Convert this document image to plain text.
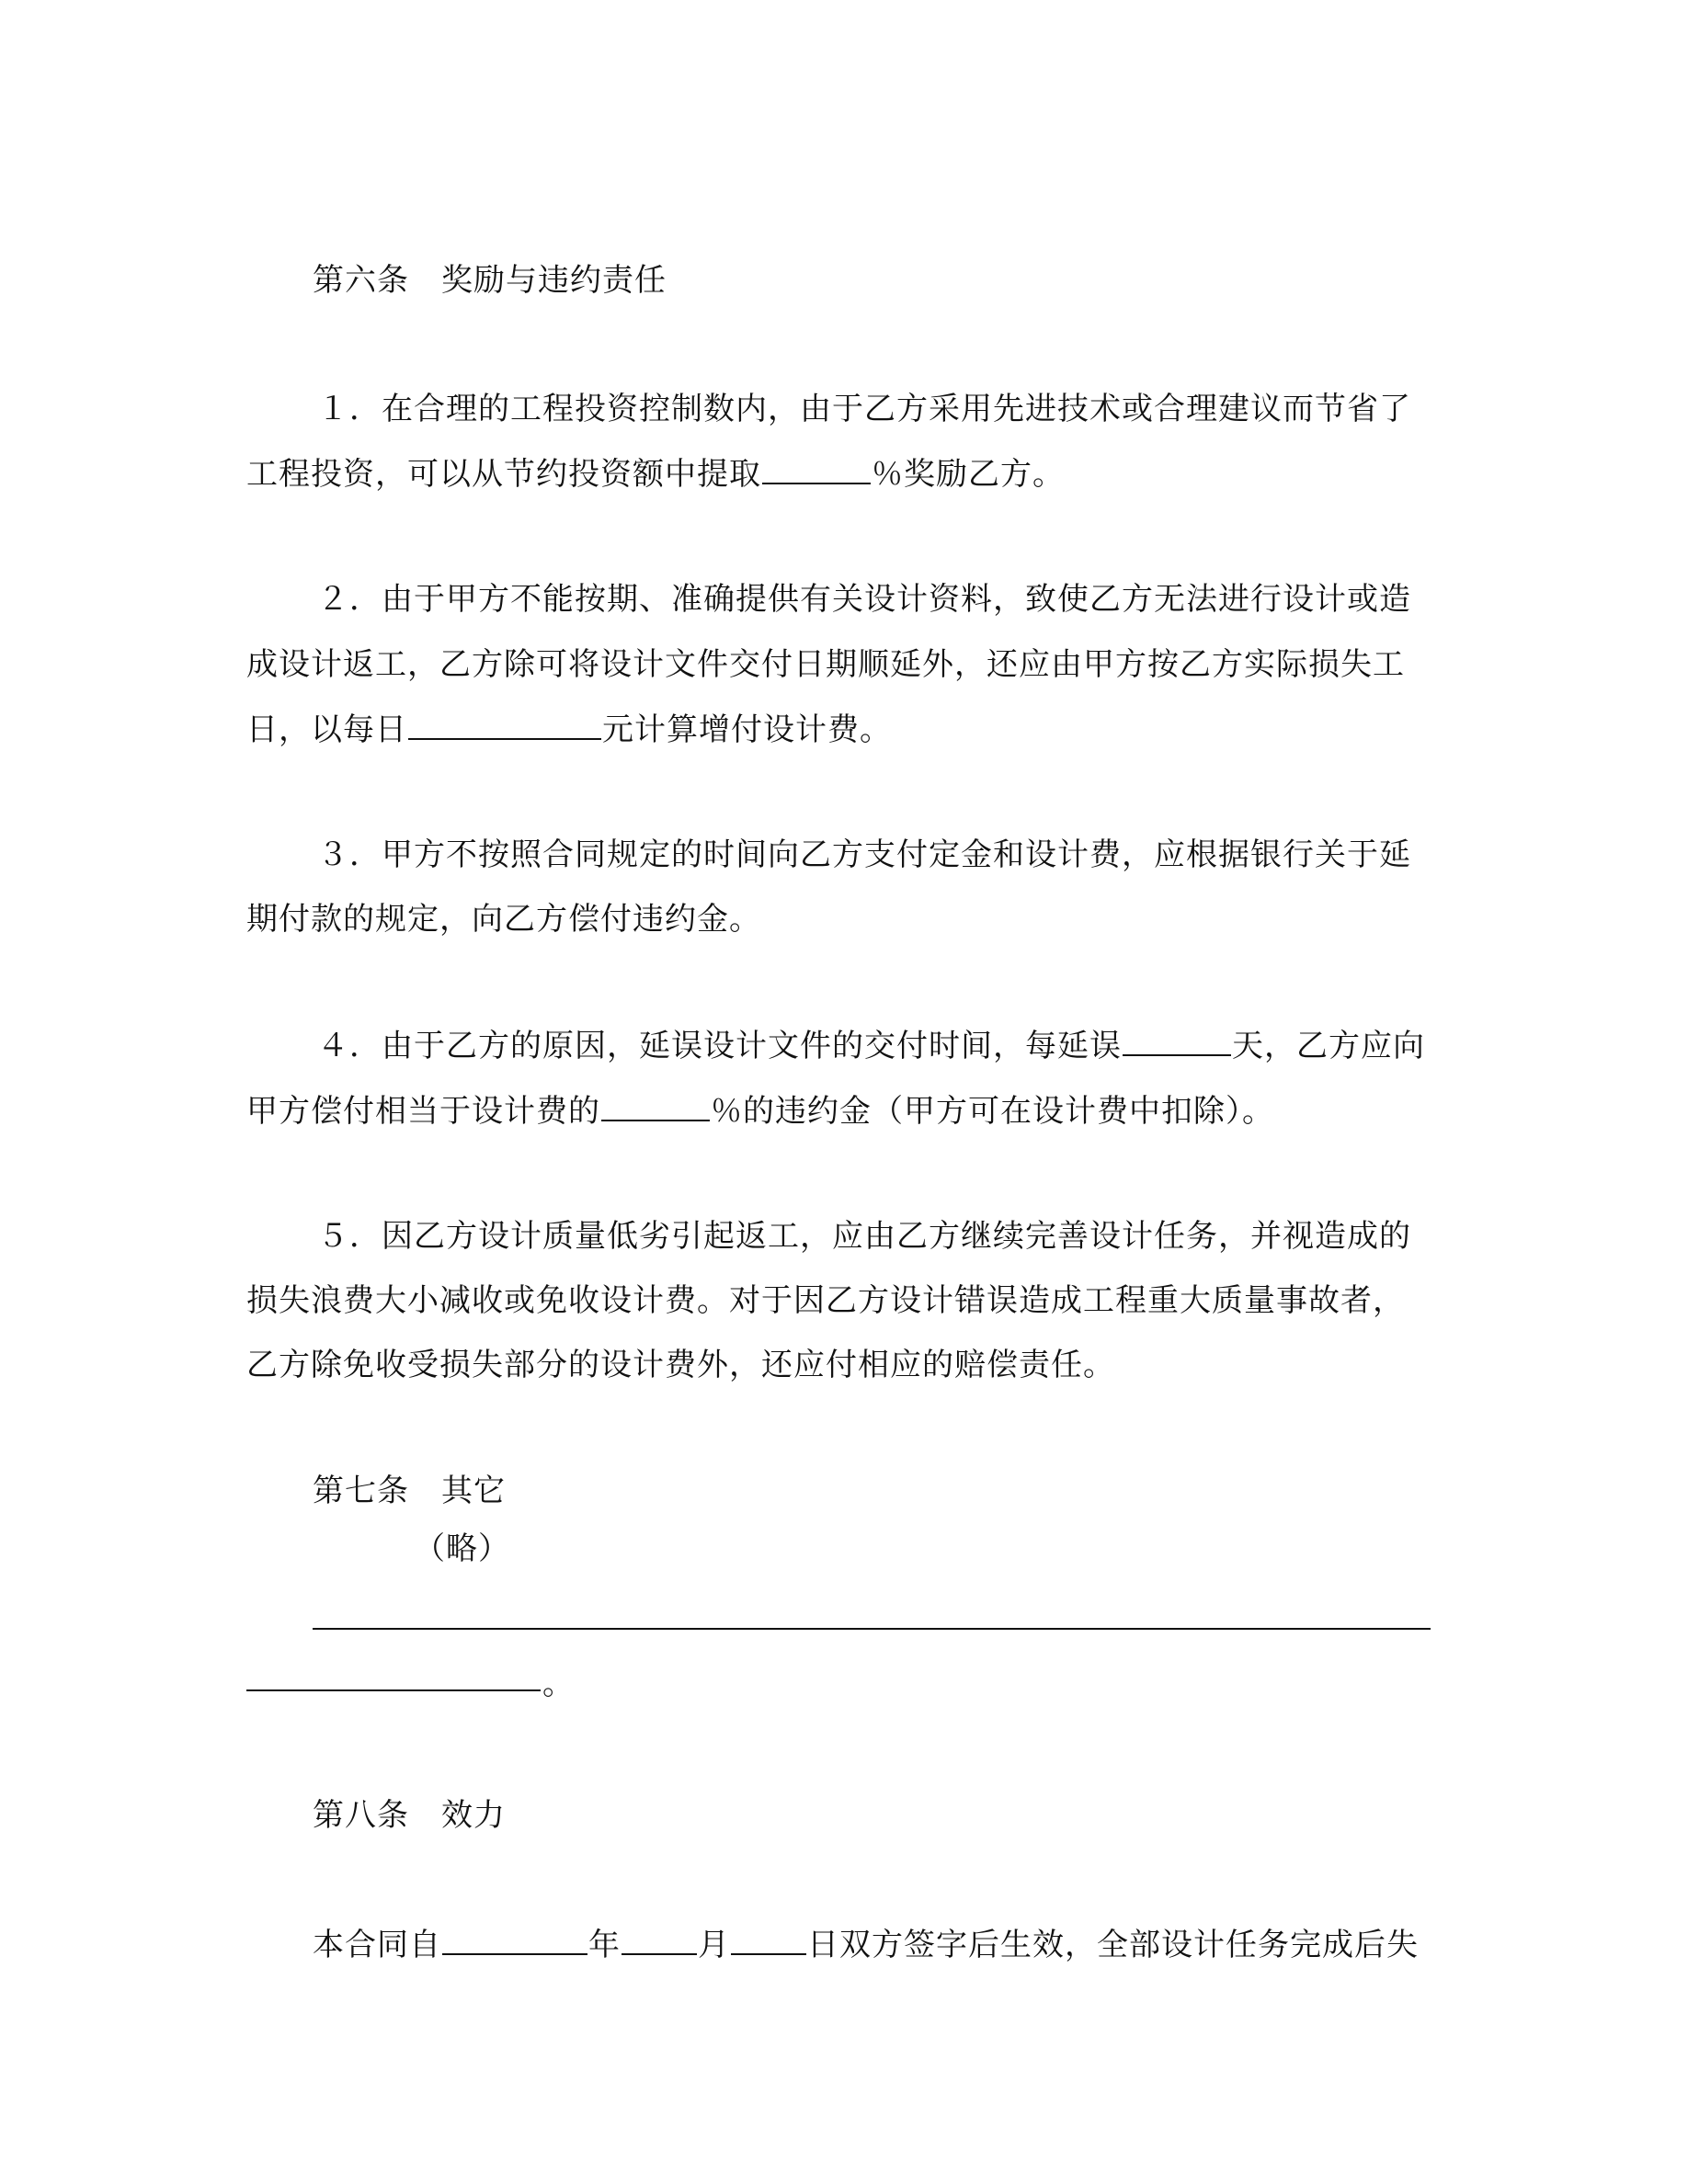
第六条　奖励与违约责任
１．在合理的工程投资控制数内，由于乙方采用先进技术或合理建议而节省了
工程投资，可以从节约投资额中提取	％奖励乙方。
２．由于甲方不能按期、准确提供有关设计资料，致使乙方无法进行设计或造
成设计返工，乙方除可将设计文件交付日期顺延外，还应由甲方按乙方实际损失工
日，以每日	元计算增付设计费。
３．甲方不按照合同规定的时间向乙方支付定金和设计费，应根据银行关于延
期付款的规定，向乙方偿付违约金。
４．由于乙方的原因，延误设计文件的交付时间，每延误	天，乙方应向
甲方偿付相当于设计费的	％的违约金（甲方可在设计费中扣除）。
５．因乙方设计质量低劣引起返工，应由乙方继续完善设计任务，并视造成的
损失浪费大小减收或免收设计费。对于因乙方设计错误造成工程重大质量事故者，
乙方除免收受损失部分的设计费外，还应付相应的赔偿责任。
第七条　其它
（略）
。
第八条　效力
本合同自	年 月 日双方签字后生效，全部设计任务完成后失
